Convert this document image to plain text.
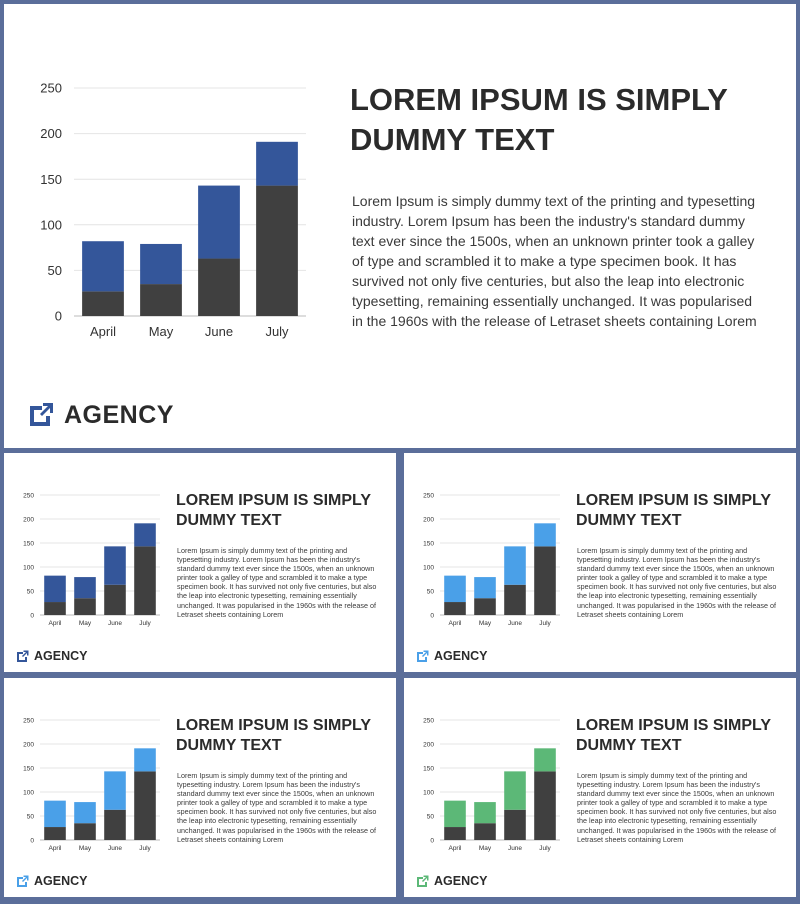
0
50
100
150
200
250
April	May June July
LOREM IPSUM IS SIMPLY DUMMY TEXT

Lorem Ipsum is simply dummy text of the printing and typesetting industry. Lorem Ipsum has been the industry's standard dummy text ever since the 1500s, when an unknown printer took a galley of type and scrambled it to make a type specimen book. It has survived not only five centuries, but also the leap into electronic typesetting, remaining essentially unchanged. It was popularised in the 1960s with the release of Letraset sheets containing Lorem

AGENCY
0
50
100
150
200
250
April	May	June	July
LOREM IPSUM IS SIMPLY DUMMY TEXT

Lorem Ipsum is simply dummy text of the printing and typesetting industry. Lorem Ipsum has been the industry's standard dummy text ever since the 1500s, when an unknown printer took a galley of type and scrambled it to make a type specimen book. It has survived not only five centuries, but also the leap into electronic typesetting, remaining essentially unchanged. It was popularised in the 1960s with the release of Letraset sheets containing Lorem

AGENCY
0
50
100
150
200
250
April	May	June	July
LOREM IPSUM IS SIMPLY DUMMY TEXT

Lorem Ipsum is simply dummy text of the printing and typesetting industry. Lorem Ipsum has been the industry's standard dummy text ever since the 1500s, when an unknown printer took a galley of type and scrambled it to make a type specimen book. It has survived not only five centuries, but also the leap into electronic typesetting, remaining essentially unchanged. It was popularised in the 1960s with the release of Letraset sheets containing Lorem

AGENCY
0
50
100
150
200
250
April	May	June	July
LOREM IPSUM IS SIMPLY DUMMY TEXT

Lorem Ipsum is simply dummy text of the printing and typesetting industry. Lorem Ipsum has been the industry's standard dummy text ever since the 1500s, when an unknown printer took a galley of type and scrambled it to make a type specimen book. It has survived not only five centuries, but also the leap into electronic typesetting, remaining essentially unchanged. It was popularised in the 1960s with the release of Letraset sheets containing Lorem

AGENCY
0
50
100
150
200
250
April	May	June	July
LOREM IPSUM IS SIMPLY DUMMY TEXT

Lorem Ipsum is simply dummy text of the printing and typesetting industry. Lorem Ipsum has been the industry's standard dummy text ever since the 1500s, when an unknown printer took a galley of type and scrambled it to make a type specimen book. It has survived not only five centuries, but also the leap into electronic typesetting, remaining essentially unchanged. It was popularised in the 1960s with the release of Letraset sheets containing Lorem

AGENCY
